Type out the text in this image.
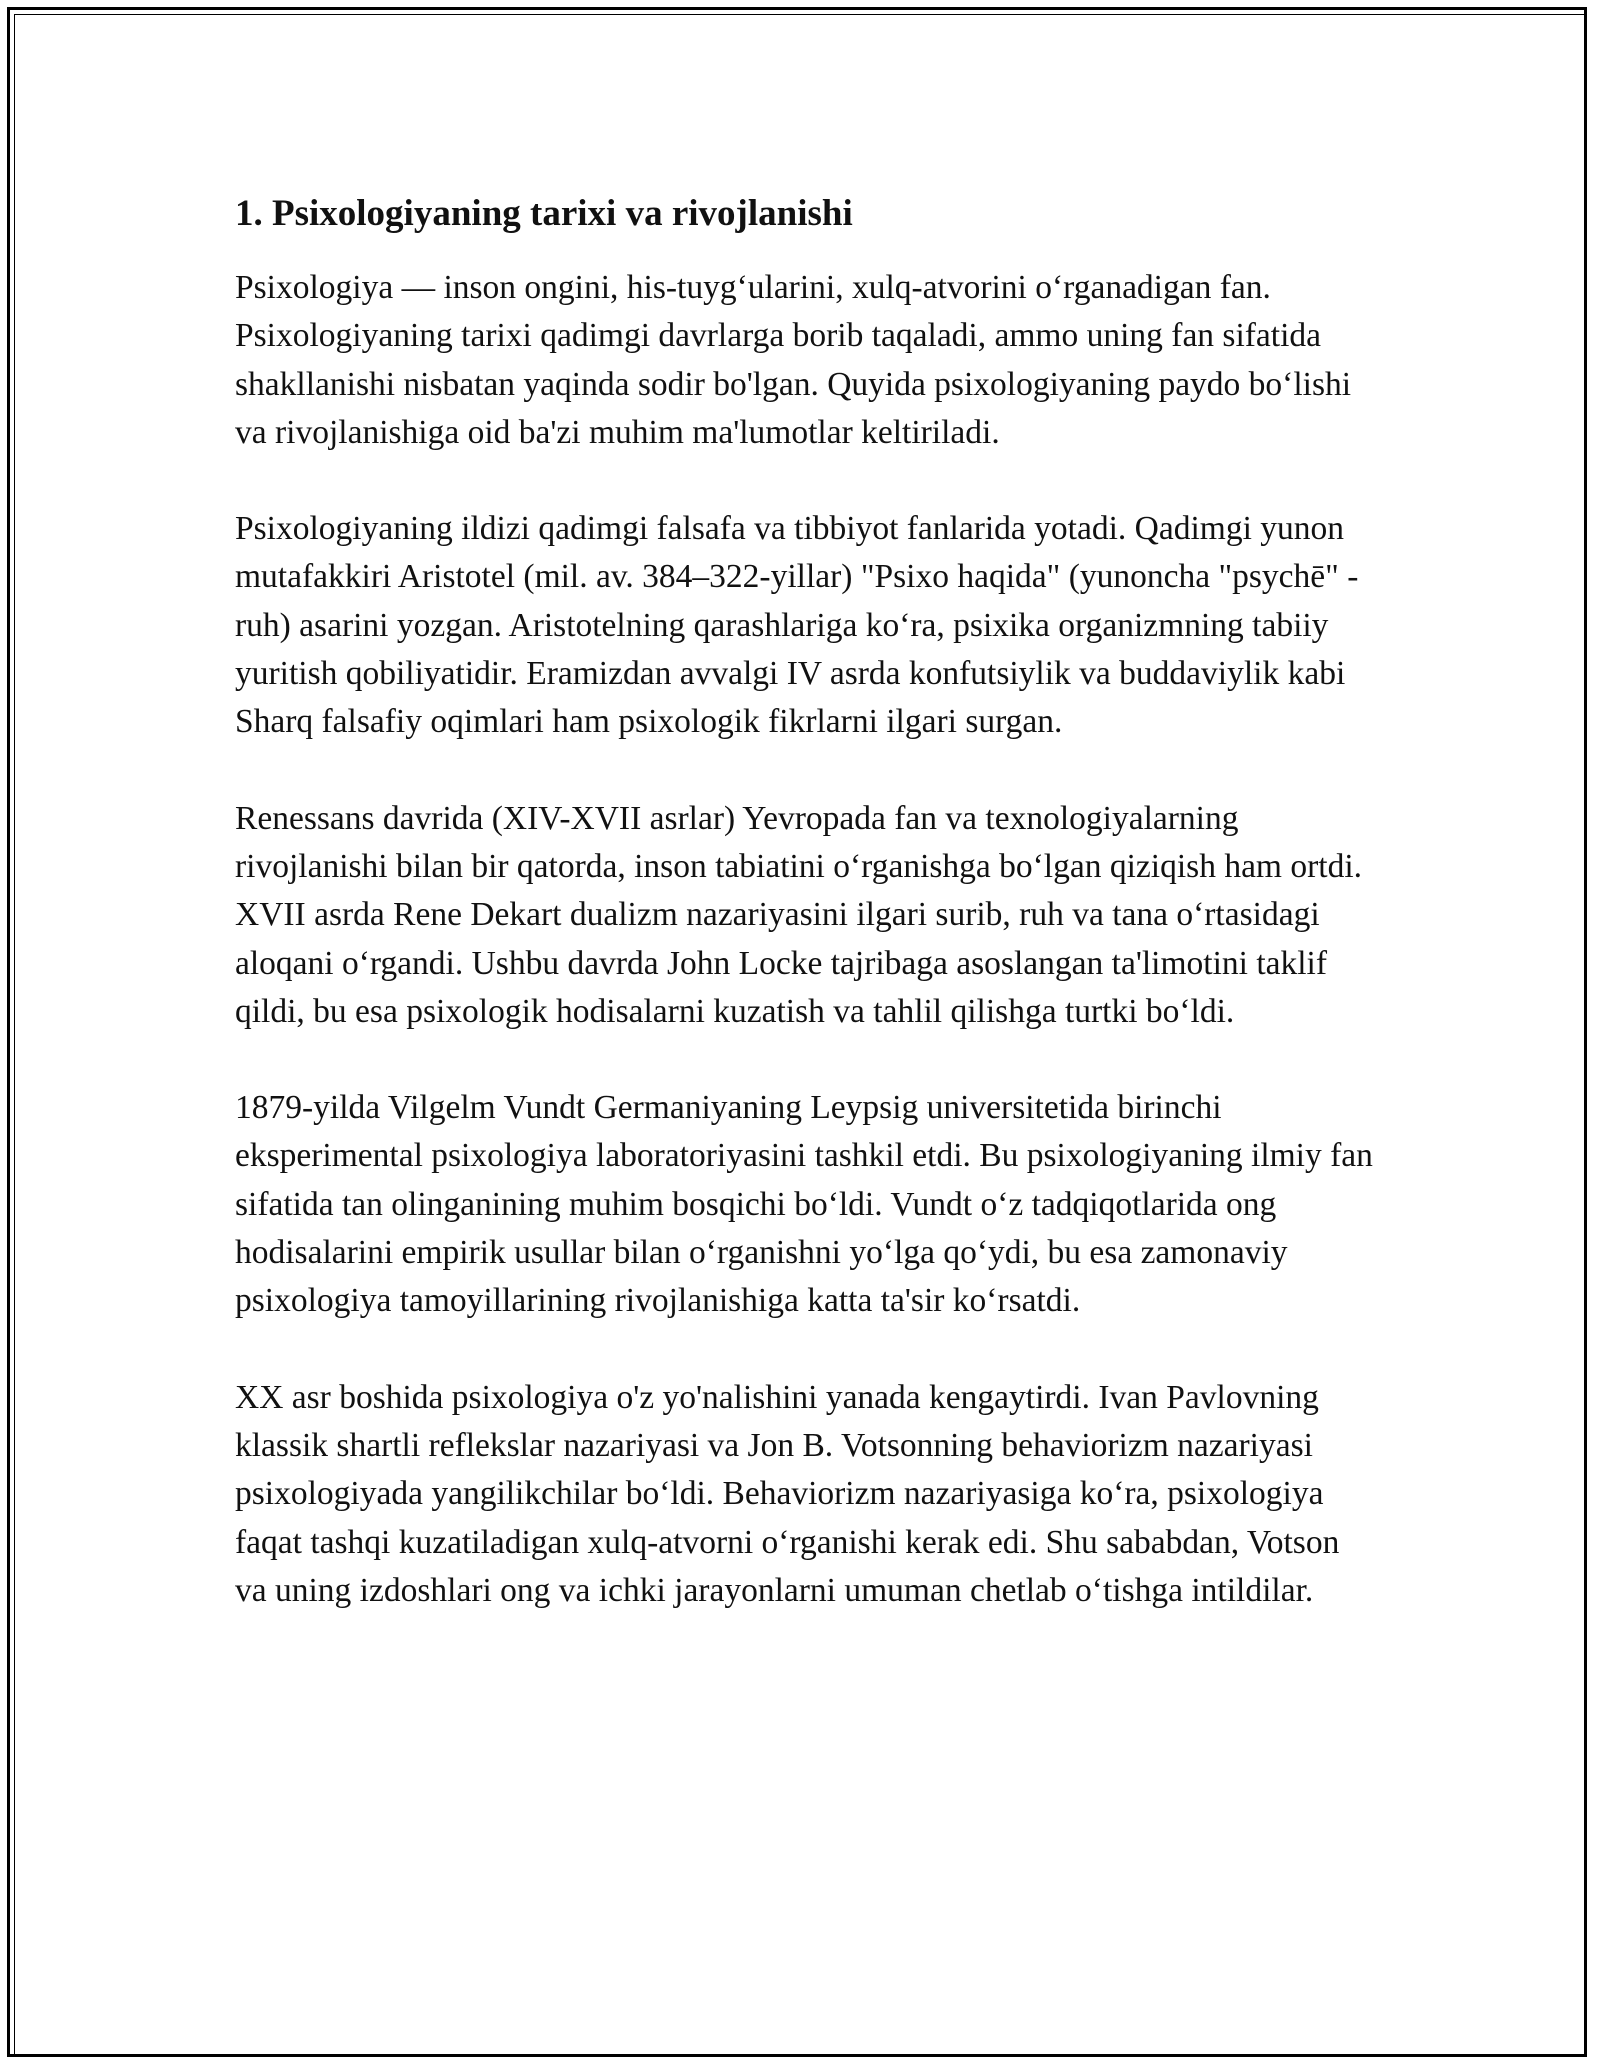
1. Psixologiyaning tarixi va rivojlanishi

Psixologiya — inson ongini, his-tuyg‘ularini, xulq-atvorini o‘rganadigan fan. Psixologiyaning tarixi qadimgi davrlarga borib taqaladi, ammo uning fan sifatida shakllanishi nisbatan yaqinda sodir bo'lgan. Quyida psixologiyaning paydo bo‘lishi va rivojlanishiga oid ba'zi muhim ma'lumotlar keltiriladi.

Psixologiyaning ildizi qadimgi falsafa va tibbiyot fanlarida yotadi. Qadimgi yunon mutafakkiri Aristotel (mil. av. 384–322-yillar) "Psixo haqida" (yunoncha "psychē" - ruh) asarini yozgan. Aristotelning qarashlariga ko‘ra, psixika organizmning tabiiy yuritish qobiliyatidir. Eramizdan avvalgi IV asrda konfutsiylik va buddaviylik kabi Sharq falsafiy oqimlari ham psixologik fikrlarni ilgari surgan.

Renessans davrida (XIV-XVII asrlar) Yevropada fan va texnologiyalarning rivojlanishi bilan bir qatorda, inson tabiatini o‘rganishga bo‘lgan qiziqish ham ortdi. XVII asrda Rene Dekart dualizm nazariyasini ilgari surib, ruh va tana o‘rtasidagi aloqani o‘rgandi. Ushbu davrda John Locke tajribaga asoslangan ta'limotini taklif qildi, bu esa psixologik hodisalarni kuzatish va tahlil qilishga turtki bo‘ldi.

1879-yilda Vilgelm Vundt Germaniyaning Leypsig universitetida birinchi eksperimental psixologiya laboratoriyasini tashkil etdi. Bu psixologiyaning ilmiy fan sifatida tan olinganining muhim bosqichi bo‘ldi. Vundt o‘z tadqiqotlarida ong hodisalarini empirik usullar bilan o‘rganishni yo‘lga qo‘ydi, bu esa zamonaviy psixologiya tamoyillarining rivojlanishiga katta ta'sir ko‘rsatdi.

XX asr boshida psixologiya o'z yo'nalishini yanada kengaytirdi. Ivan Pavlovning klassik shartli reflekslar nazariyasi va Jon B. Votsonning behaviorizm nazariyasi psixologiyada yangilikchilar bo‘ldi. Behaviorizm nazariyasiga ko‘ra, psixologiya faqat tashqi kuzatiladigan xulq-atvorni o‘rganishi kerak edi. Shu sababdan, Votson va uning izdoshlari ong va ichki jarayonlarni umuman chetlab o‘tishga intildilar.
